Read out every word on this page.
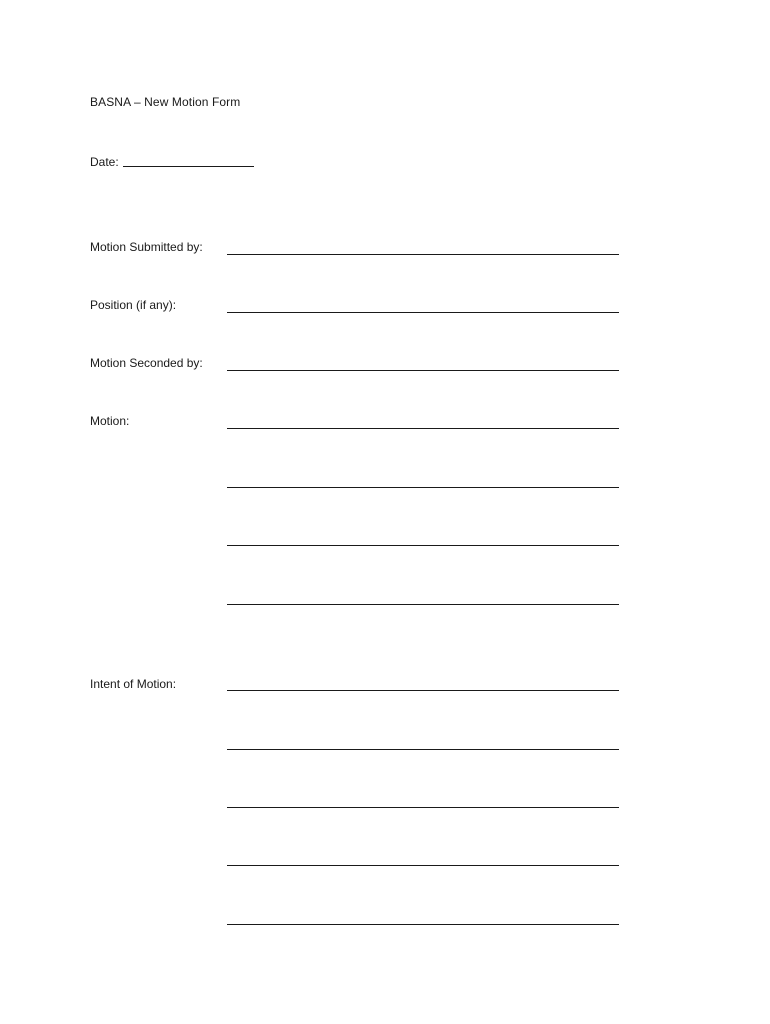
BASNA – New Motion Form
Date:
Motion Submitted by:
Position (if any):
Motion Seconded by:
Motion:
Intent of Motion:
